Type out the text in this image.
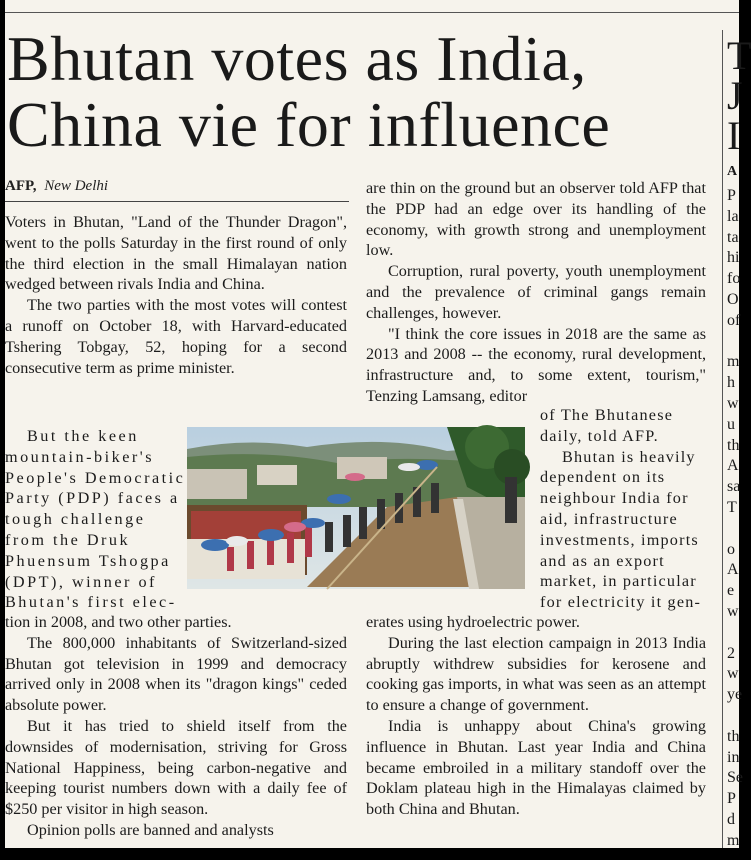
Bhutan votes as India,
China vie for influence
AFP, New Delhi

Voters in Bhutan, "Land of the Thunder Dragon", went to the polls Saturday in the first round of only the third election in the small Himalayan nation wedged between rivals India and China.

The two parties with the most votes will contest a runoff on October 18, with Harvard-educated Tshering Tobgay, 52, hoping for a second consecutive term as prime minister.

But the keen
mountain-biker's
People's Democratic
Party (PDP) faces a
tough challenge
from the Druk
Phuensum Tshogpa
(DPT), winner of
Bhutan's first elec-

tion in 2008, and two other parties.

The 800,000 inhabitants of Switzerland-sized Bhutan got television in 1999 and democracy arrived only in 2008 when its "dragon kings" ceded absolute power.

But it has tried to shield itself from the downsides of modernisation, striving for Gross National Happiness, being carbon-negative and keeping tourist numbers down with a daily fee of $250 per visitor in high season.

Opinion polls are banned and analysts

are thin on the ground but an observer told AFP that the PDP had an edge over its handling of the economy, with growth strong and unemployment low.

Corruption, rural poverty, youth unemployment and the prevalence of criminal gangs remain challenges, however.

"I think the core issues in 2018 are the same as 2013 and 2008 -- the economy, rural development, infrastructure and, to some extent, tourism," Tenzing Lamsang, editor

of The Bhutanese
daily, told AFP.
Bhutan is heavily
dependent on its
neighbour India for
aid, infrastructure
investments, imports
and as an export
market, in particular
for electricity it gen-

erates using hydroelectric power.

During the last election campaign in 2013 India abruptly withdrew subsidies for kerosene and cooking gas imports, in what was seen as an attempt to ensure a change of government.

India is unhappy about China's growing influence in Bhutan. Last year India and China became embroiled in a military standoff over the Doklam plateau high in the Himalayas claimed by both China and Bhutan.

T
J
I
A
P
la
ta
hi
fo
O
of
m
h
w
u
th
A
sa
T
o
A
e
w
2
w
ye
th
in
Se
P
d
m
